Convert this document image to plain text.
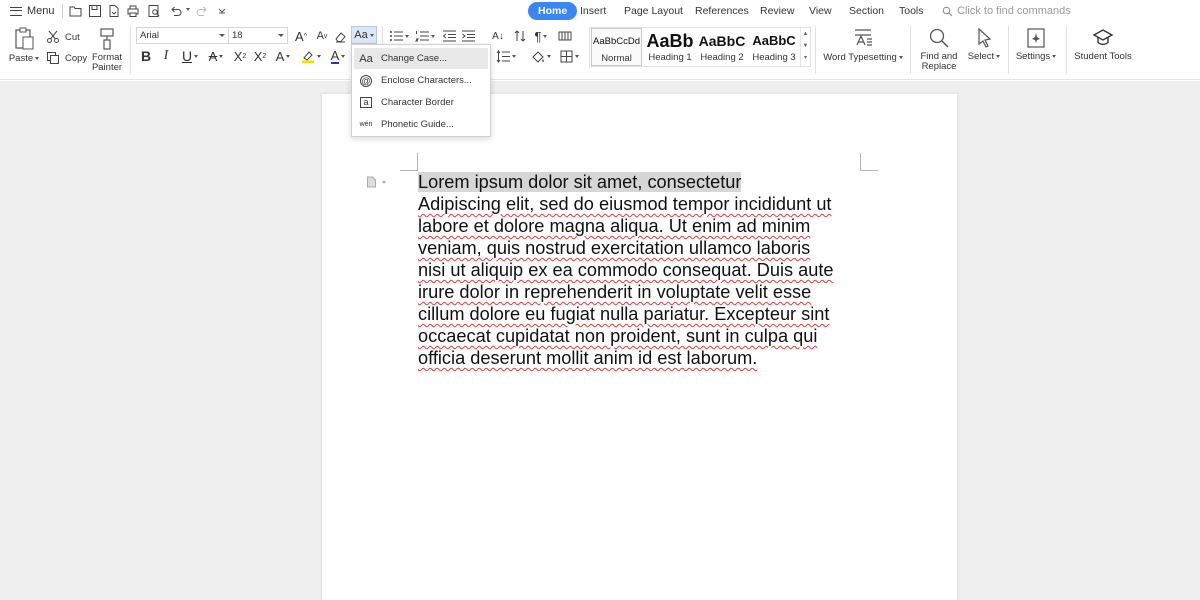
Menu	Home	Insert Page Layout References Review View Section Tools	Click to find commands
Paste
Cut
Copy Format Painter
Arial	18	A ^ A v Aa
B I U A X 2 X 2 A	A
A↓	¶	AaBbCcDd
Normal
AaBb
Heading 1
AaBbC
Heading 2
AaBbC
Heading 3
▲
▼
▾	Word Typesetting	Find and Replace
Select	Settings	Student Tools
Aa Change Case...
@ Enclose Characters...
a	Character Border
wén Phonetic Guide...
Lorem ipsum dolor sit amet, consectetur
Adipiscing elit, sed do eiusmod tempor incididunt ut
labore et dolore magna aliqua. Ut enim ad minim
veniam, quis nostrud exercitation ullamco laboris
nisi ut aliquip ex ea commodo consequat. Duis aute
irure dolor in reprehenderit in voluptate velit esse
cillum dolore eu fugiat nulla pariatur. Excepteur sint
occaecat cupidatat non proident, sunt in culpa qui
officia deserunt mollit anim id est laborum.
